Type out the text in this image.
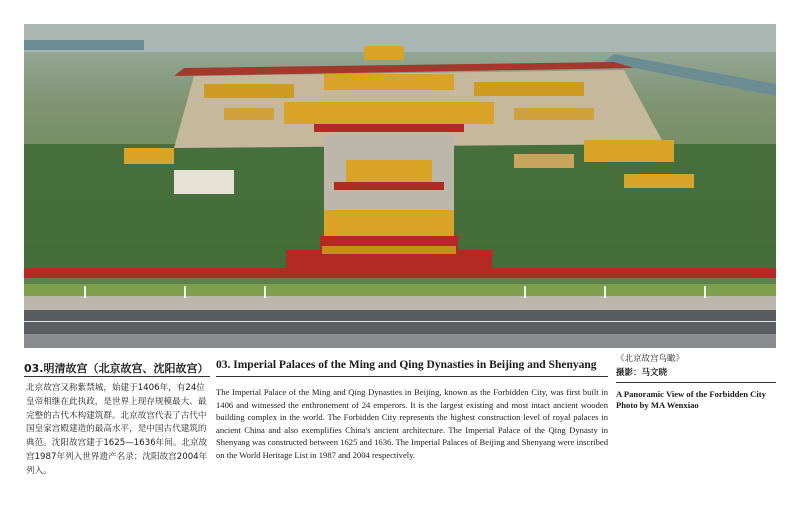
03.明清故宫（北京故宫、沈阳故宫）

北京故宫又称紫禁城，始建于1406年，有24位皇帝相继在此执政，是世界上现存规模最大、最完整的古代木构建筑群。北京故宫代表了古代中国皇家宫殿建造的最高水平，是中国古代建筑的典范。沈阳故宫建于1625—1636年间。北京故宫1987年列入世界遗产名录；沈阳故宫2004年列入。

03. Imperial Palaces of the Ming and Qing Dynasties in Beijing and Shenyang

The Imperial Palace of the Ming and Qing Dynasties in Beijing, known as the Forbidden City, was first built in 1406 and witnessed the enthronement of 24 emperors. It is the largest existing and most intact ancient wooden building complex in the world. The Forbidden City represents the highest construction level of royal palaces in ancient China and also exemplifies China's ancient architecture. The Imperial Palace of the Qing Dynasty in Shenyang was constructed between 1625 and 1636. The Imperial Palaces of Beijing and Shenyang were inscribed on the World Heritage List in 1987 and 2004 respectively.

《北京故宫鸟瞰》
摄影：马文晓
A Panoramic View of the Forbidden City
Photo by MA Wenxiao
